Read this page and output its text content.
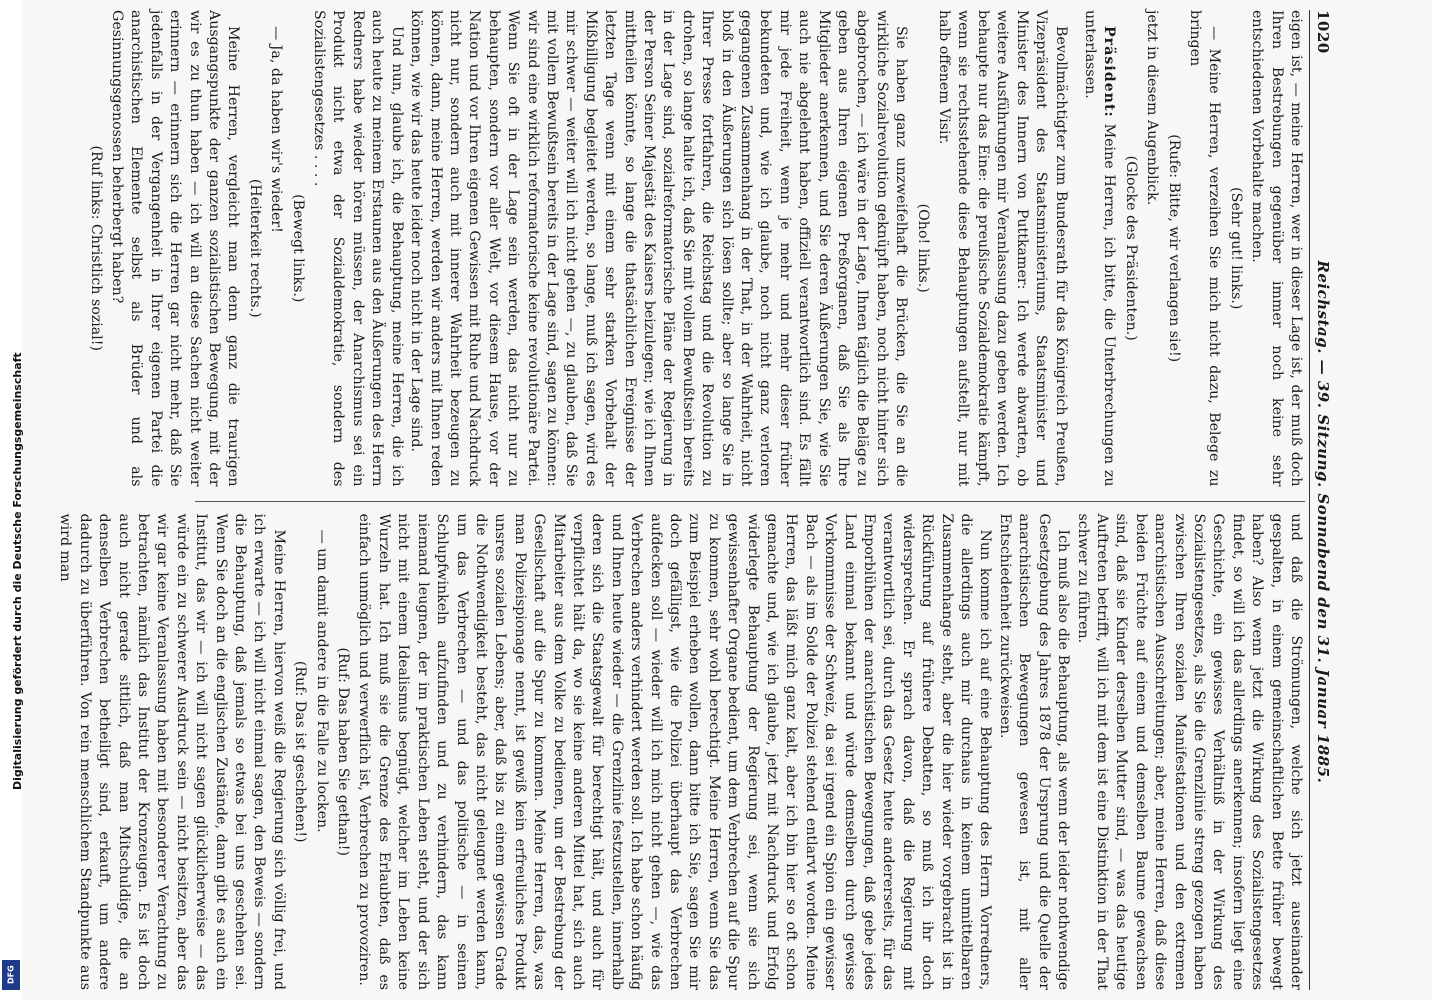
1020
Reichstag. — 39. Sitzung. Sonnabend den 31. Januar 1885.

eigen ist, — meine Herren, wer in dieser Lage ist, der muß doch Ihren Bestrebungen gegenüber immer noch keine sehr entschiedenen Vorbehalte machen.

(Sehr gut! links.)

— Meine Herren, verzeihen Sie mich nicht dazu, Belege zu bringen

(Rufe: Bitte, wir verlangen sie!)

jetzt in diesem Augenblick.

(Glocke des Präsidenten.)

Präsident: Meine Herren, ich bitte, die Unterbrechungen zu unterlassen.

Bevollmächtigter zum Bundesrath für das Königreich Preußen, Vizepräsident des Staatsministeriums, Staatsminister und Minister des Innern von Puttkamer: Ich werde abwarten, ob weitere Ausführungen mir Veranlassung dazu geben werden. Ich behaupte nur das Eine: die preußische Sozialdemokratie kämpft, wenn sie rechtsstehende diese Behauptungen aufstellt, nur mit halb offenem Visir.

(Oho! links.)

Sie haben ganz unzweifelhaft die Brücken, die Sie an die wirkliche Sozialrevolution geknüpft haben, noch nicht hinter sich abgebrochen, — ich wäre in der Lage, Ihnen täglich die Beläge zu geben aus Ihren eigenen Preßorganen, daß Sie als Ihre Mitglieder anerkennen, und Sie deren Äußerungen Sie, wie Sie auch nie abgelehnt haben, offiziell verantwortlich sind. Es fällt mir jede Freiheit, wenn je mehr und mehr dieser früher bekundeten und, wie ich glaube, noch nicht ganz verloren gegangenen Zusammenhang in der That, in der Wahrheit, nicht bloß in den Äußerungen sich lösen sollte; aber so lange Sie in Ihrer Presse fortfahren, die Reichstag und die Revolution zu drohen, so lange halte ich, daß Sie mit vollem Bewußtsein bereits in der Lage sind, sozialreformatorische Pläne der Regierung in der Person Seiner Majestät des Kaisers beizulegen; wie ich Ihnen mittheilen könnte, so lange die thatsächlichen Ereignisse der letzten Tage wenn mit einem sehr starken Vorbehalt der Mißbilligung begleitet werden, so lange, muß ich sagen, wird es mir schwer — weiter will ich nicht gehen —, zu glauben, daß Sie mit vollem Bewußtsein bereits in der Lage sind, sagen zu können: wir sind eine wirklich reformatorische keine revolutionäre Partei. Wenn Sie oft in der Lage sein werden, das nicht nur zu behaupten, sondern vor aller Welt, vor diesem Hause, vor der Nation und vor Ihren eigenen Gewissen mit Ruhe und Nachdruck nicht nur, sondern auch mit innerer Wahrheit bezeugen zu können, dann, meine Herren, werden wir anders mit Ihnen reden können, wie wir das heute leider noch nicht in der Lage sind.

Und nun, glaube ich, die Behauptung, meine Herren, die ich auch heute zu meinem Erstaunen aus den Äußerungen des Herrn Redners habe wieder hören müssen, der Anarchismus sei ein Produkt nicht etwa der Sozialdemokratie, sondern des Sozialistengesetzes . . . .

(Bewegt links.)

— Ja, da haben wir's wieder!

(Heiterkeit rechts.)

Meine Herren, vergleicht man denn ganz die traurigen Ausgangspunkte der ganzen sozialistischen Bewegung, mit der wir es zu thun haben — ich will an diese Sachen nicht weiter erinnern — erinnern sich die Herren gar nicht mehr, daß Sie jedenfalls in der Vergangenheit in Ihrer eigenen Partei die anarchistischen Elemente selbst als Brüder und als Gesinnungsgenossen beherbergt haben?

(Ruf links: Christlich sozial!)

und daß die Strömungen, welche sich jetzt auseinander gespalten, in einem gemeinschaftlichen Bette früher bewegt haben? Also wenn jetzt die Wirkung des Sozialistengesetzes findet, so will ich das allerdings anerkennen; insofern liegt eine Geschichte, ein gewisses Verhältniß in der Wirkung des Sozialistengesetzes, als Sie die Grenzlinie streng gezogen haben zwischen Ihren sozialen Manifestationen und den extremen anarchistischen Ausschreitungen; aber, meine Herren, daß diese beiden Früchte auf einem und demselben Baume gewachsen sind, daß sie Kinder derselben Mutter sind, — was das heutige Auftreten betrifft, will ich mit dem ist eine Distinktion in der That schwer zu führen.

Ich muß also die Behauptung, als wenn der leider nothwendige Gesetzgebung des Jahres 1878 der Ursprung und die Quelle der anarchistischen Bewegungen gewesen ist, mit aller Entschiedenheit zurückweisen.

Nun komme ich auf eine Behauptung des Herrn Vorredners, die allerdings auch mir durchaus in keinem unmittelbaren Zusammenhange steht, aber die hier wieder vorgebracht ist in Rückführung auf frühere Debatten, so muß ich ihr doch widersprechen. Er sprach davon, daß die Regierung mit verantwortlich sei, durch das Gesetz heute andererseits, für das Emporblühen der anarchistischen Bewegungen, daß gebe jedes Land einmal bekannt und würde demselben durch gewisse Vorkommnisse der Schweiz, da sei irgend ein Spion ein gewisser Bach — als im Solde der Polizei stehend entlarvt worden. Meine Herren, das läßt mich ganz kalt, aber ich bin hier so oft schon gemachte und, wie ich glaube, jetzt mit Nachdruck und Erfolg widerlegte Behauptung der Regierung sei, wenn sie sich gewissenhafter Organe bedient, um dem Verbrechen auf die Spur zu kommen, sehr wohl berechtigt. Meine Herren, wenn Sie das zum Beispiel erheben wollen, dann bitte ich Sie, sagen Sie mir doch gefälligst, wie die Polizei überhaupt das Verbrechen aufdecken soll — wieder will ich mich nicht gehen —, wie das Verbrechen anders verhindert werden soll. Ich habe schon häufig und Ihnen heute wieder — die Grenzlinie festzustellen, innerhalb deren sich die Staatsgewalt für berechtigt hält, und auch für verpflichtet hält da, wo sie keine anderen Mittel hat, sich auch Mitarbeiter aus dem Volke zu bedienen, um der Bestrebung der Gesellschaft auf die Spur zu kommen. Meine Herren, das, was man Polizeispionage nennt, ist gewiß kein erfreuliches Produkt unsres sozialen Lebens; aber, daß bis zu einem gewissen Grade die Nothwendigkeit besteht, das nicht geleugnet werden kann, um das Verbrechen — und das politische — in seinen Schlupfwinkeln aufzufinden und zu verhindern, das kann niemand leugnen, der im praktischen Leben steht, und der sich nicht mit einem Idealismus begnügt, welcher im Leben keine Wurzeln hat. Ich muß sie die Grenze des Erlaubten, daß es einfach unmöglich und verwerflich ist, Verbrechen zu provoziren.

(Ruf: Das haben Sie gethan!)

— um damit andere in die Falle zu locken.

(Ruf: Das ist geschehen!)

Meine Herren, hiervon weiß die Regierung sich völlig frei, und ich erwarte — ich will nicht einmal sagen, den Beweis — sondern die Behauptung, daß jemals so etwas bei uns geschehen sei. Wenn Sie doch an die englischen Zustände, dann gibt es auch ein Institut, das wir — ich will nicht sagen glücklicherweise — das würde ein zu schwerer Ausdruck sein — nicht besitzen, aber das wir gar keine Veranlassung haben mit besonderer Verachtung zu betrachten, nämlich das Institut der Kronzeugen. Es ist doch auch nicht gerade sittlich, daß man Mitschuldige, die an denselben Verbrechen betheiligt sind, erkauft, um andere dadurch zu überführen. Von rein menschlichem Standpunkte aus wird man

Digitalisierung gefördert durch die Deutsche Forschungsgemeinschaft
DFG
